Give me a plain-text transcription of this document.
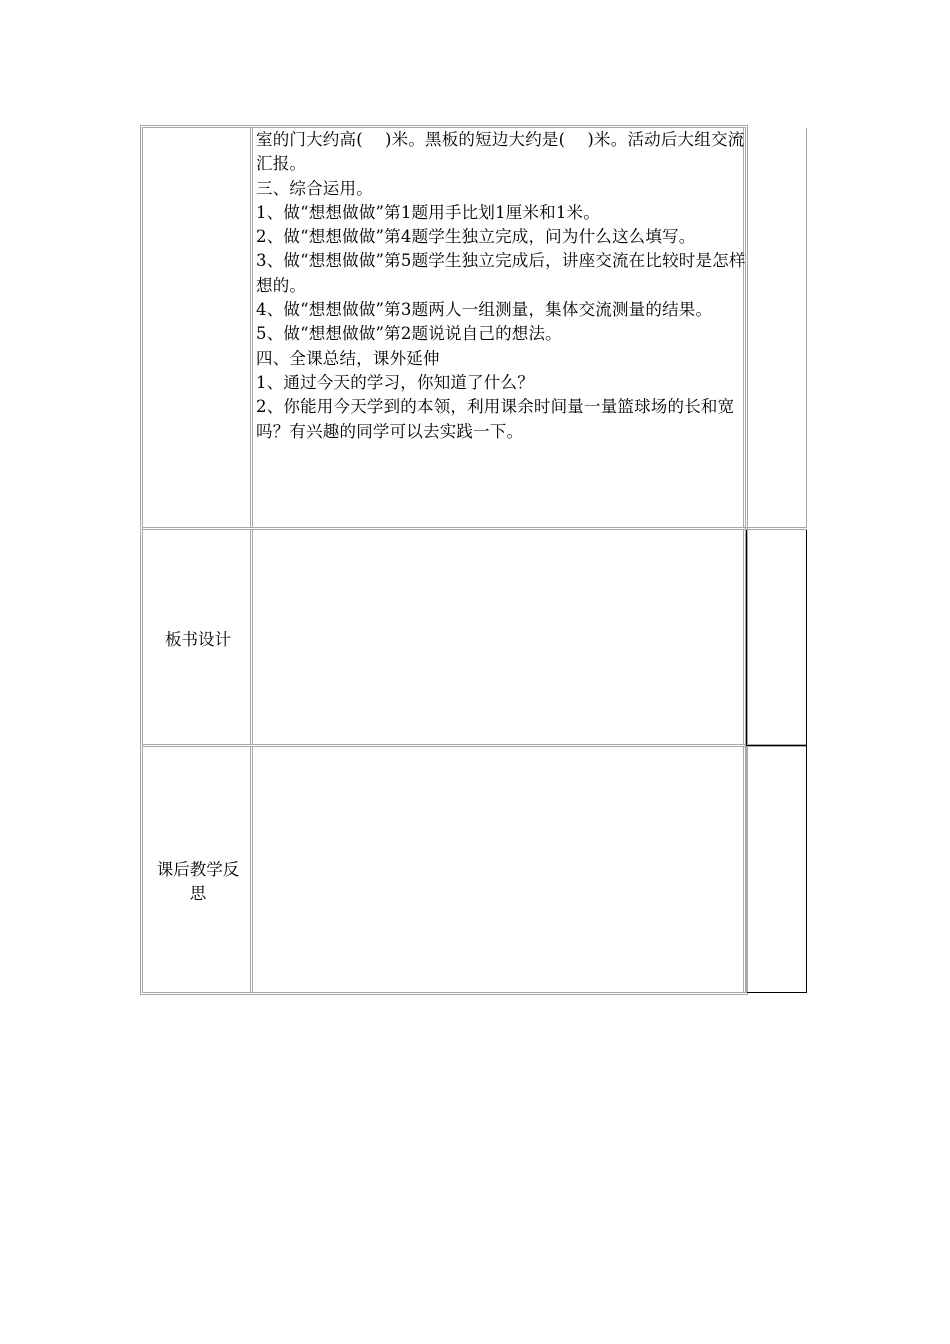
室的门大约高(　 )米。黑板的短边大约是(　 )米。活动后大组交流汇报。

三、综合运用。

1、做“想想做做”第1题用手比划1厘米和1米。

2、做“想想做做”第4题学生独立完成，问为什么这么填写。

3、做“想想做做”第5题学生独立完成后，讲座交流在比较时是怎样想的。

4、做“想想做做”第3题两人一组测量，集体交流测量的结果。

5、做“想想做做”第2题说说自己的想法。

四、全课总结，课外延伸

1、通过今天的学习，你知道了什么？

2、你能用今天学到的本领，利用课余时间量一量篮球场的长和宽吗？有兴趣的同学可以去实践一下。

板书设计
课后教学反思
